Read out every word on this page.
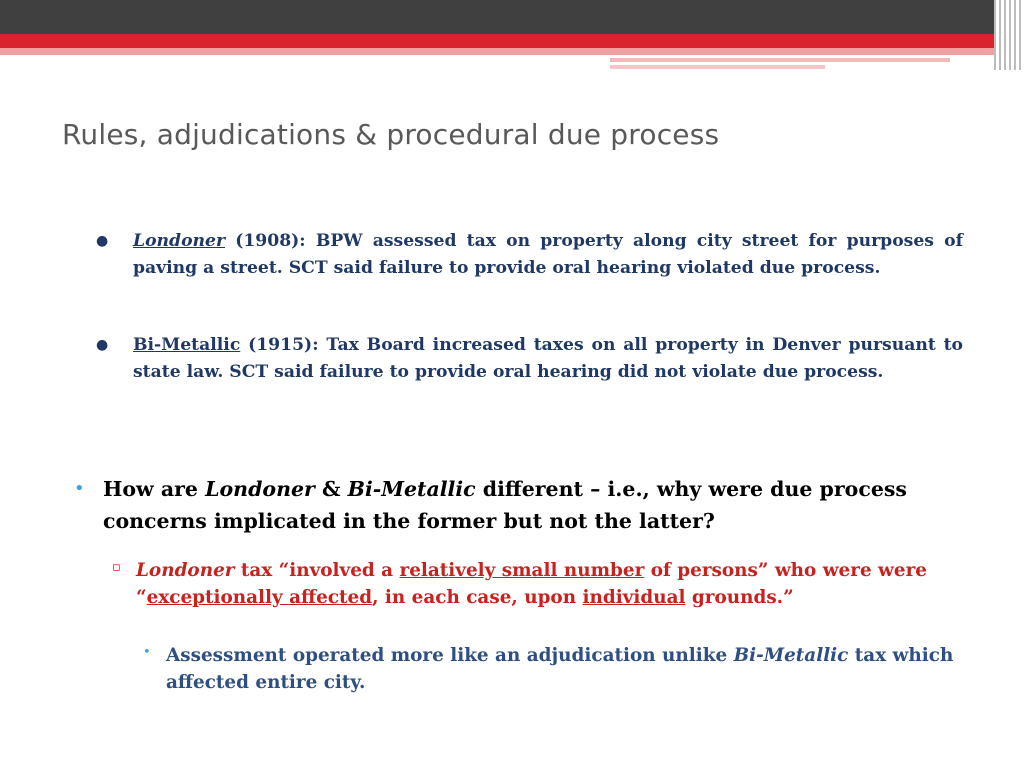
Rules, adjudications & procedural due process
● Londoner (1908): BPW assessed tax on property along city street for purposes of paving a street. SCT said failure to provide oral hearing violated due process.
● Bi-Metallic (1915): Tax Board increased taxes on all property in Denver pursuant to state law. SCT said failure to provide oral hearing did not violate due process.
• How are Londoner & Bi-Metallic different – i.e., why were due process concerns implicated in the former but not the latter?
▫ Londoner tax “involved a relatively small number of persons” who were were “exceptionally affected, in each case, upon individual grounds.”
• Assessment operated more like an adjudication unlike Bi-Metallic tax which affected entire city.
